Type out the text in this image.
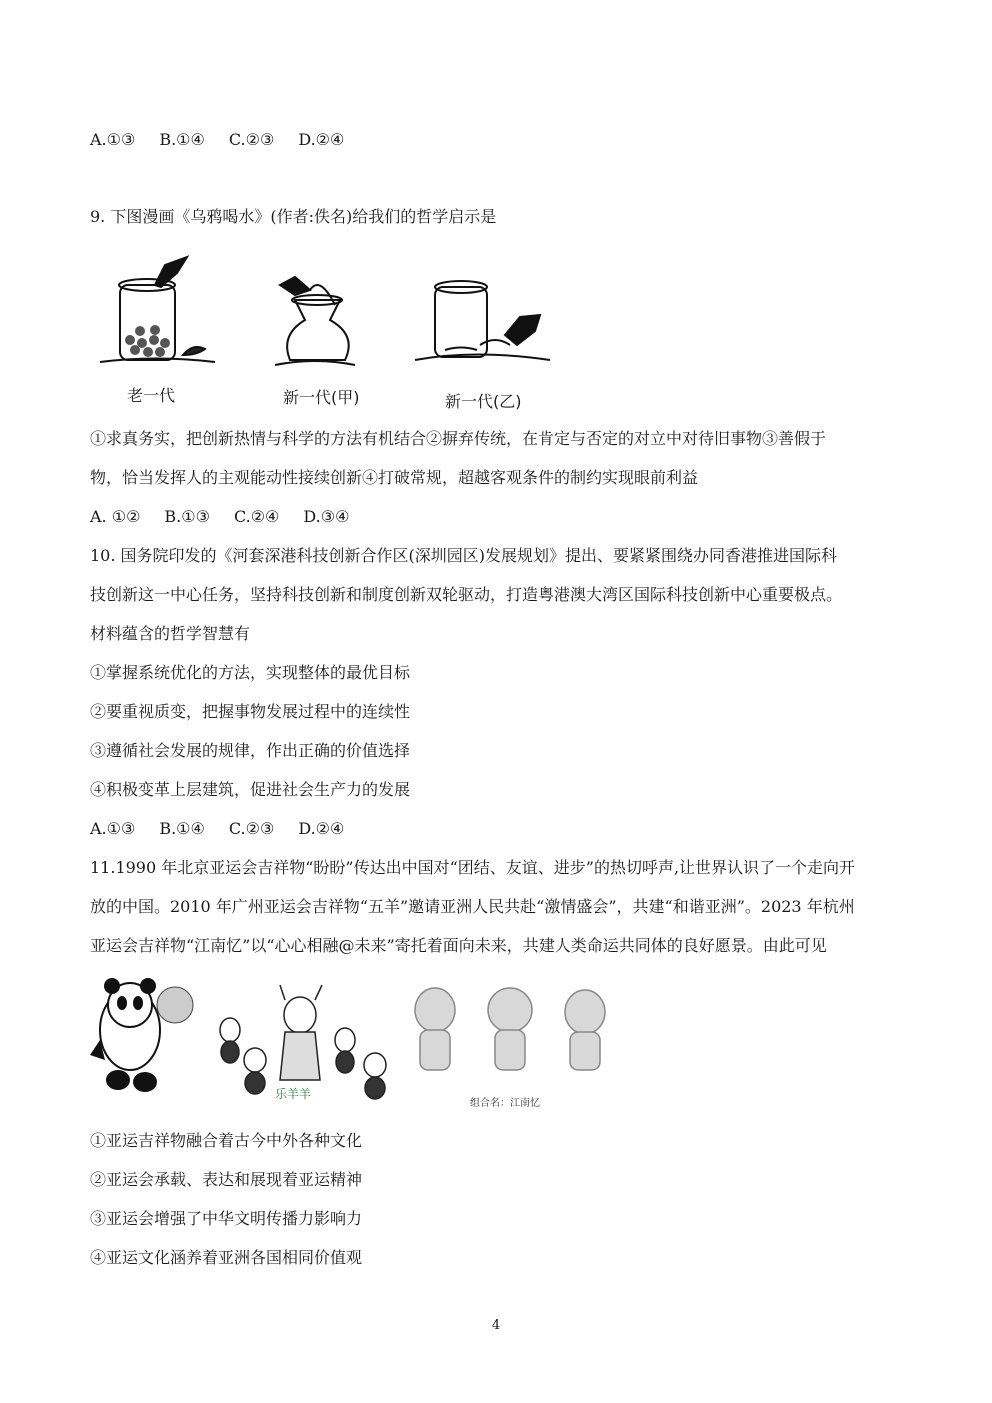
A.①③ B.①④ C.②③ D.②④
9. 下图漫画《乌鸦喝水》(作者:佚名)给我们的哲学启示是
老一代	新一代(甲)	新一代(乙)
①求真务实，把创新热情与科学的方法有机结合②摒弃传统，在肯定与否定的对立中对待旧事物③善假于
物，恰当发挥人的主观能动性接续创新④打破常规，超越客观条件的制约实现眼前利益
A. ①② B.①③ C.②④ D.③④
10. 国务院印发的《河套深港科技创新合作区(深圳园区)发展规划》提出、要紧紧围绕办同香港推进国际科
技创新这一中心任务，坚持科技创新和制度创新双轮驱动，打造粤港澳大湾区国际科技创新中心重要极点。
材料蕴含的哲学智慧有
①掌握系统优化的方法，实现整体的最优目标
②要重视质变，把握事物发展过程中的连续性
③遵循社会发展的规律，作出正确的价值选择
④积极变革上层建筑，促进社会生产力的发展
A.①③ B.①④ C.②③ D.②④
11.1990 年北京亚运会吉祥物“盼盼”传达出中国对“团结、友谊、进步”的热切呼声,让世界认识了一个走向开
放的中国。2010 年广州亚运会吉祥物“五羊”邀请亚洲人民共赴“激情盛会”，共建“和谐亚洲”。2023 年杭州
亚运会吉祥物“江南忆”以“心心相融@未来”寄托着面向未来，共建人类命运共同体的良好愿景。由此可见
乐羊羊
组合名：江南忆
①亚运吉祥物融合着古今中外各种文化
②亚运会承载、表达和展现着亚运精神
③亚运会增强了中华文明传播力影响力
④亚运文化涵养着亚洲各国相同价值观
4
